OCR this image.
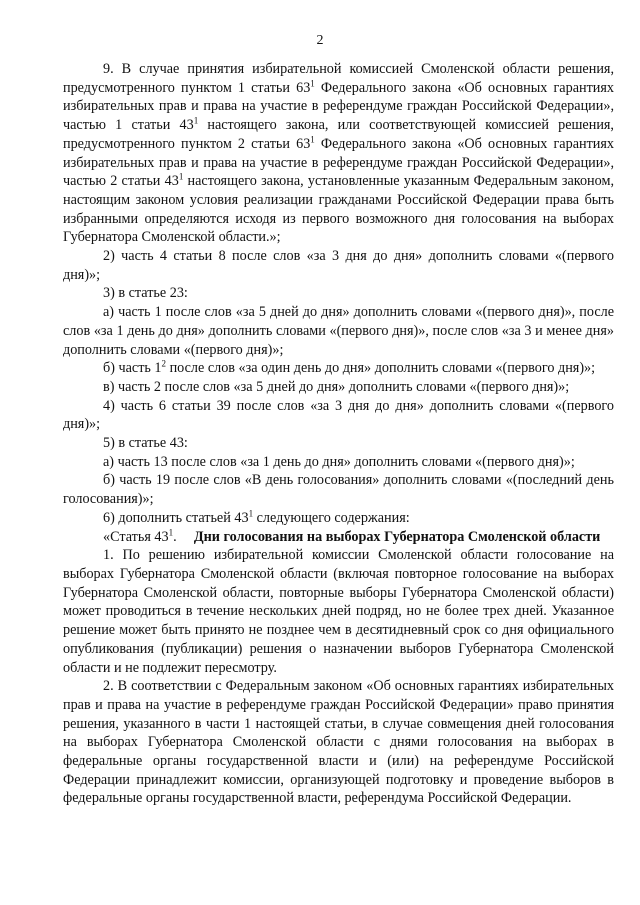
2

9. В случае принятия избирательной комиссией Смоленской области решения, предусмотренного пунктом 1 статьи $63^1$ Федерального закона «Об основных гарантиях избирательных прав и права на участие в референдуме граждан Российской Федерации», частью 1 статьи $43^1$ настоящего закона, или соответствующей комиссией решения, предусмотренного пунктом 2 статьи $63^1$ Федерального закона «Об основных гарантиях избирательных прав и права на участие в референдуме граждан Российской Федерации», частью 2 статьи $43^1$ настоящего закона, установленные указанным Федеральным законом, настоящим законом условия реализации гражданами Российской Федерации права быть избранными определяются исходя из первого возможного дня голосования на выборах Губернатора Смоленской области.»;

2) часть 4 статьи 8 после слов «за 3 дня до дня» дополнить словами «(первого дня)»;

3) в статье 23:

а) часть 1 после слов «за 5 дней до дня» дополнить словами «(первого дня)», после слов «за 1 день до дня» дополнить словами «(первого дня)», после слов «за 3 и менее дня» дополнить словами «(первого дня)»;

б) часть $1^2$ после слов «за один день до дня» дополнить словами «(первого дня)»;

в) часть 2 после слов «за 5 дней до дня» дополнить словами «(первого дня)»;

4) часть 6 статьи 39 после слов «за 3 дня до дня» дополнить словами «(первого дня)»;

5) в статье 43:

а) часть 13 после слов «за 1 день до дня» дополнить словами «(первого дня)»;

б) часть 19 после слов «В день голосования» дополнить словами «(последний день голосования)»;

6) дополнить статьей $43^1$ следующего содержания:

«Статья $43^1$. Дни голосования на выборах Губернатора Смоленской области

1. По решению избирательной комиссии Смоленской области голосование на выборах Губернатора Смоленской области (включая повторное голосование на выборах Губернатора Смоленской области, повторные выборы Губернатора Смоленской области) может проводиться в течение нескольких дней подряд, но не более трех дней. Указанное решение может быть принято не позднее чем в десятидневный срок со дня официального опубликования (публикации) решения о назначении выборов Губернатора Смоленской области и не подлежит пересмотру.

2. В соответствии с Федеральным законом «Об основных гарантиях избирательных прав и права на участие в референдуме граждан Российской Федерации» право принятия решения, указанного в части 1 настоящей статьи, в случае совмещения дней голосования на выборах Губернатора Смоленской области с днями голосования на выборах в федеральные органы государственной власти и (или) на референдуме Российской Федерации принадлежит комиссии, организующей подготовку и проведение выборов в федеральные органы государственной власти, референдума Российской Федерации.
